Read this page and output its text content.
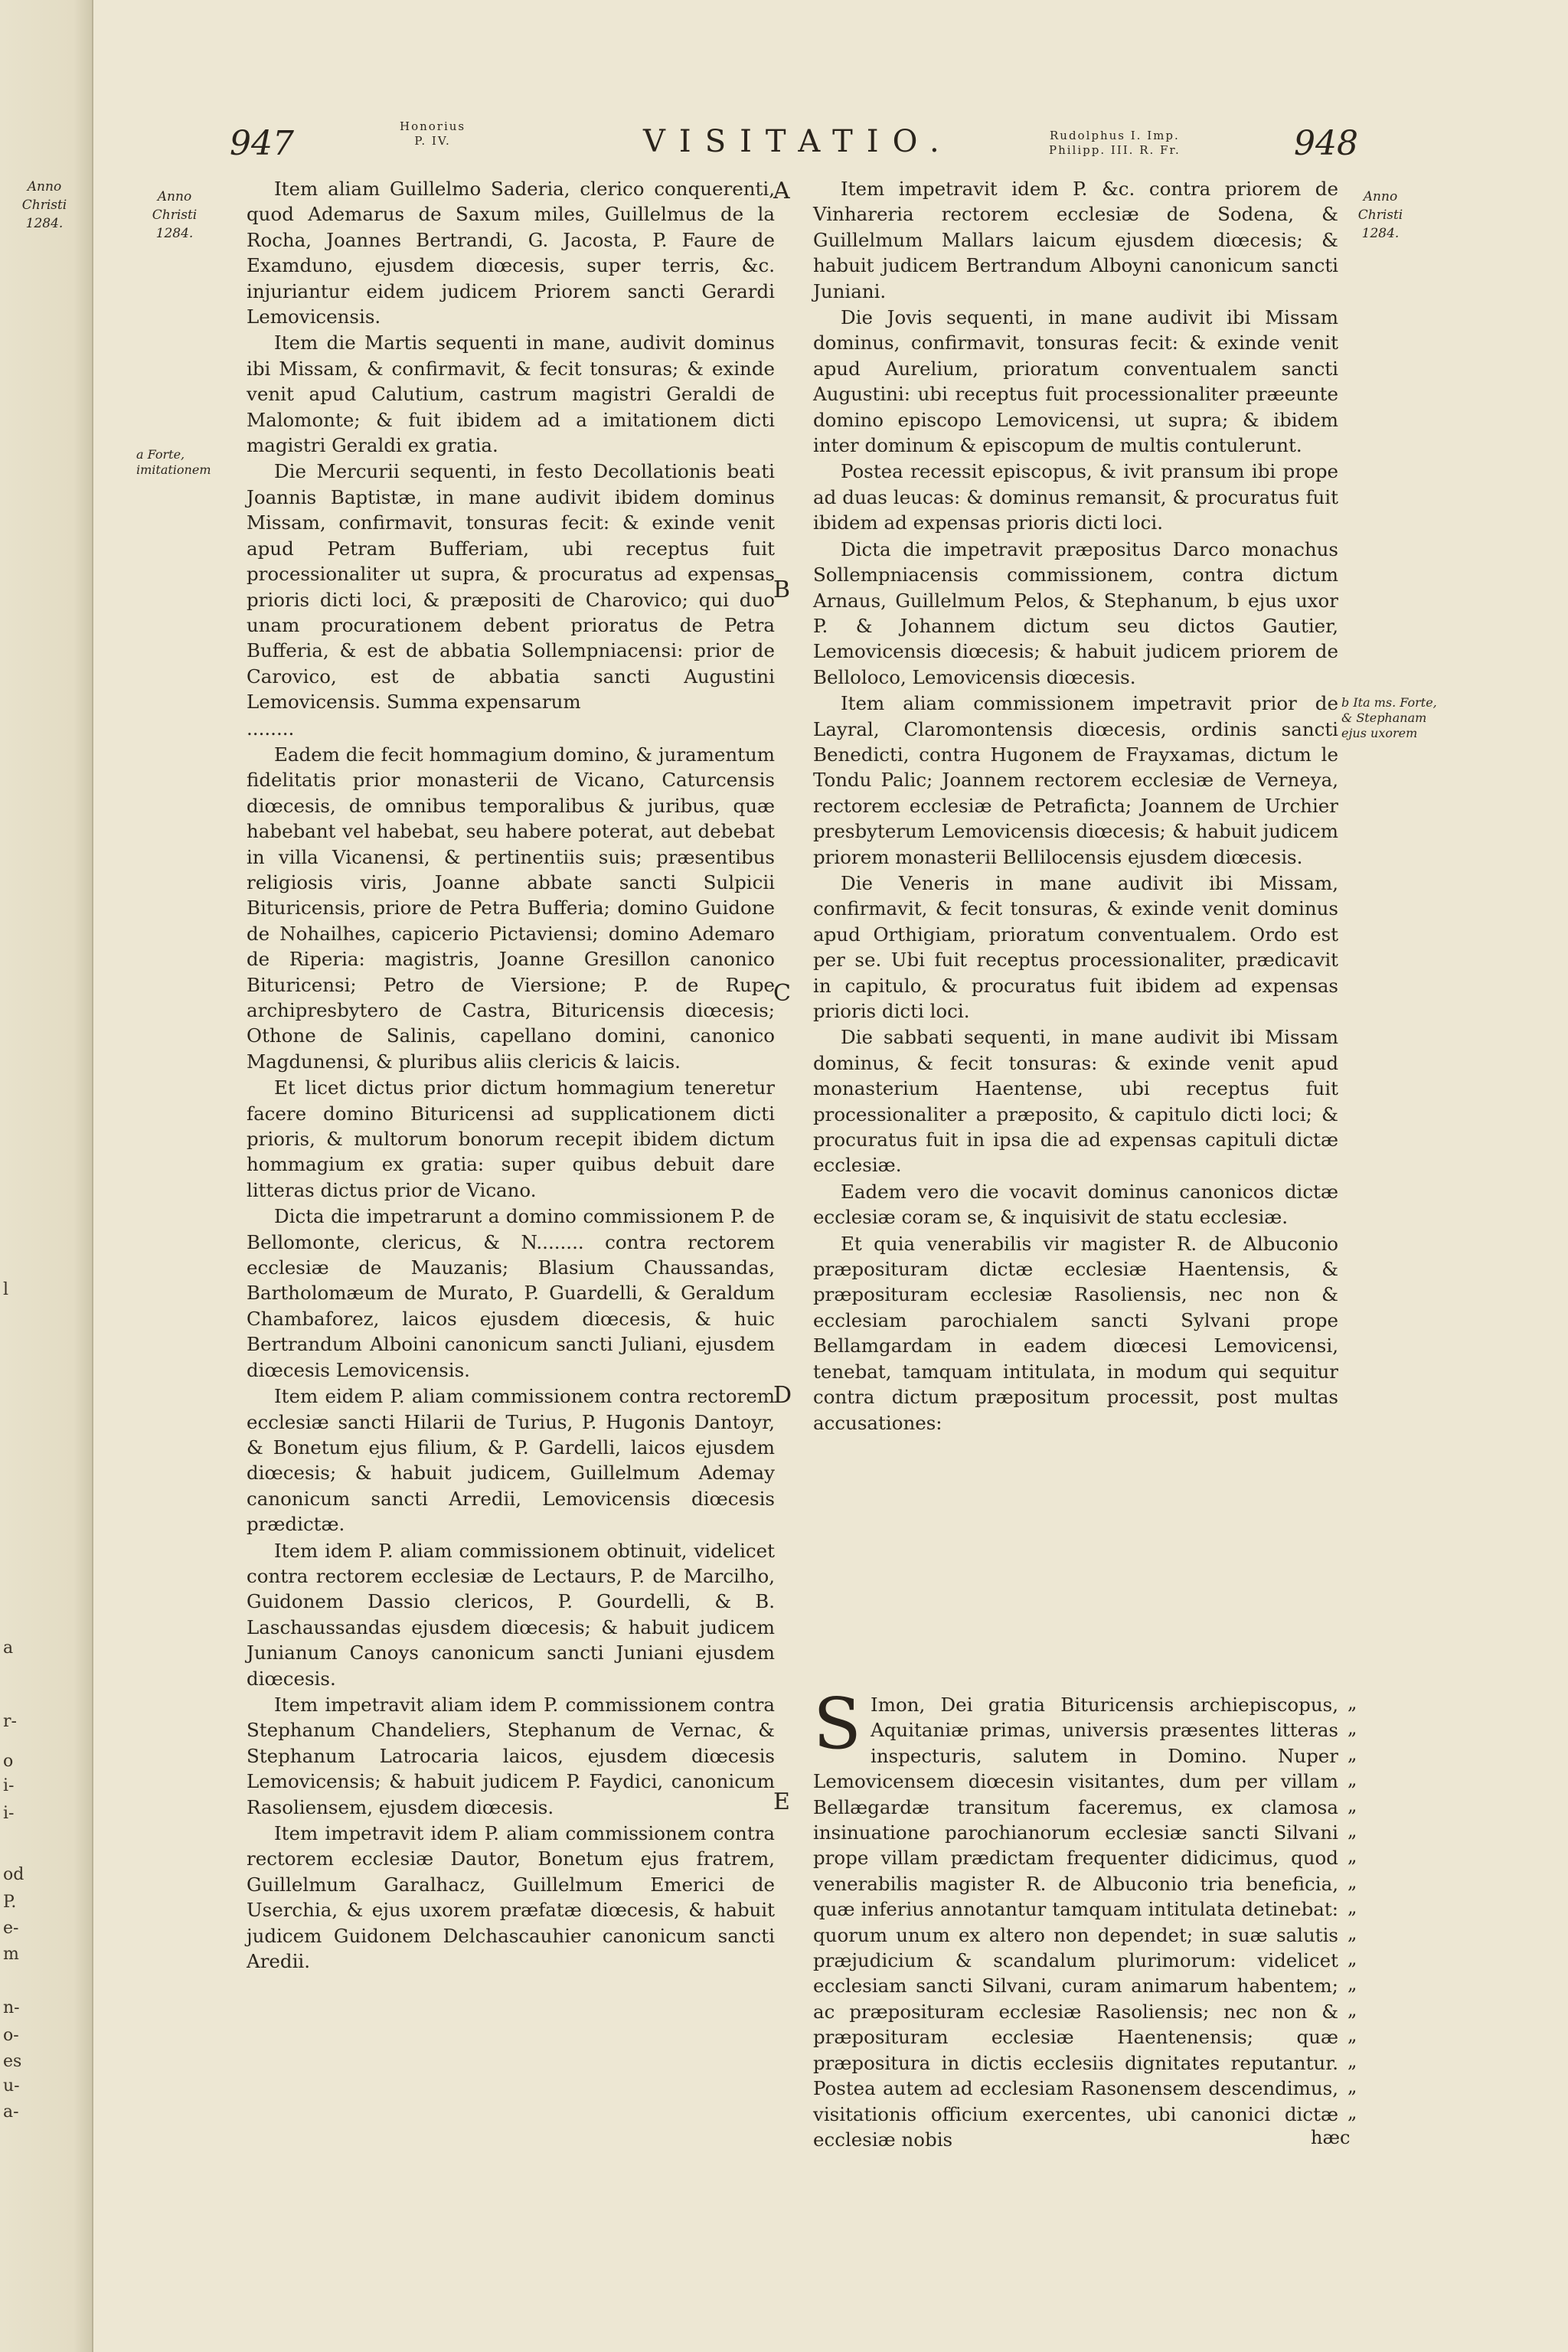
Anno
Christi
1284.
l
a
r-
o
i-
i-
od
P.
e-
m
n-
o-
es
u-
a-
947	Honorius
P. IV.	VISITATIO.	Rudolphus I. Imp.
Philipp. III. R. Fr.	948
Anno
Christi
1284.
Anno
Christi
1284.
a Forte, imitationem
b Ita ms. Forte, & Stephanam ejus uxorem
A
B
C
D
E

Item aliam Guillelmo Saderia, clerico conquerenti, quod Ademarus de Saxum miles, Guillelmus de la Rocha, Joannes Bertrandi, G. Jacosta, P. Faure de Examduno, ejusdem diœcesis, super terris, &c. injuriantur eidem judicem Priorem sancti Gerardi Lemovicensis.

Item die Martis sequenti in mane, audivit dominus ibi Missam, & confirmavit, & fecit tonsuras; & exinde venit apud Calutium, castrum magistri Geraldi de Malomonte; & fuit ibidem ad a imitationem dicti magistri Geraldi ex gratia.

Die Mercurii sequenti, in festo Decollationis beati Joannis Baptistæ, in mane audivit ibidem dominus Missam, confirmavit, tonsuras fecit: & exinde venit apud Petram Bufferiam, ubi receptus fuit processionaliter ut supra, & procuratus ad expensas prioris dicti loci, & præpositi de Charovico; qui duo unam procurationem debent prioratus de Petra Bufferia, & est de abbatia Sollempniacensi: prior de Carovico, est de abbatia sancti Augustini Lemovicensis. Summa expensarum

........

Eadem die fecit hommagium domino, & juramentum fidelitatis prior monasterii de Vicano, Caturcensis diœcesis, de omnibus temporalibus & juribus, quæ habebant vel habebat, seu habere poterat, aut debebat in villa Vicanensi, & pertinentiis suis; præsentibus religiosis viris, Joanne abbate sancti Sulpicii Bituricensis, priore de Petra Bufferia; domino Guidone de Nohailhes, capicerio Pictaviensi; domino Ademaro de Riperia: magistris, Joanne Gresillon canonico Bituricensi; Petro de Viersione; P. de Rupe archipresbytero de Castra, Bituricensis diœcesis; Othone de Salinis, capellano domini, canonico Magdunensi, & pluribus aliis clericis & laicis.

Et licet dictus prior dictum hommagium teneretur facere domino Bituricensi ad supplicationem dicti prioris, & multorum bonorum recepit ibidem dictum hommagium ex gratia: super quibus debuit dare litteras dictus prior de Vicano.

Dicta die impetrarunt a domino commissionem P. de Bellomonte, clericus, & N........ contra rectorem ecclesiæ de Mauzanis; Blasium Chaussandas, Bartholomæum de Murato, P. Guardelli, & Geraldum Chambaforez, laicos ejusdem diœcesis, & huic Bertrandum Alboini canonicum sancti Juliani, ejusdem diœcesis Lemovicensis.

Item eidem P. aliam commissionem contra rectorem ecclesiæ sancti Hilarii de Turius, P. Hugonis Dantoyr, & Bonetum ejus filium, & P. Gardelli, laicos ejusdem diœcesis; & habuit judicem, Guillelmum Ademay canonicum sancti Arredii, Lemovicensis diœcesis prædictæ.

Item idem P. aliam commissionem obtinuit, videlicet contra rectorem ecclesiæ de Lectaurs, P. de Marcilho, Guidonem Dassio clericos, P. Gourdelli, & B. Laschaussandas ejusdem diœcesis; & habuit judicem Junianum Canoys canonicum sancti Juniani ejusdem diœcesis.

Item impetravit aliam idem P. commissionem contra Stephanum Chandeliers, Stephanum de Vernac, & Stephanum Latrocaria laicos, ejusdem diœcesis Lemovicensis; & habuit judicem P. Faydici, canonicum Rasoliensem, ejusdem diœcesis.

Item impetravit idem P. aliam commissionem contra rectorem ecclesiæ Dautor, Bonetum ejus fratrem, Guillelmum Garalhacz, Guillelmum Emerici de Userchia, & ejus uxorem præfatæ diœcesis, & habuit judicem Guidonem Delchascauhier canonicum sancti Aredii.

Item impetravit idem P. &c. contra priorem de Vinhareria rectorem ecclesiæ de Sodena, & Guillelmum Mallars laicum ejusdem diœcesis; & habuit judicem Bertrandum Alboyni canonicum sancti Juniani.

Die Jovis sequenti, in mane audivit ibi Missam dominus, confirmavit, tonsuras fecit: & exinde venit apud Aurelium, prioratum conventualem sancti Augustini: ubi receptus fuit processionaliter præeunte domino episcopo Lemovicensi, ut supra; & ibidem inter dominum & episcopum de multis contulerunt.

Postea recessit episcopus, & ivit pransum ibi prope ad duas leucas: & dominus remansit, & procuratus fuit ibidem ad expensas prioris dicti loci.

Dicta die impetravit præpositus Darco monachus Sollempniacensis commissionem, contra dictum Arnaus, Guillelmum Pelos, & Stephanum, b ejus uxor P. & Johannem dictum seu dictos Gautier, Lemovicensis diœcesis; & habuit judicem priorem de Belloloco, Lemovicensis diœcesis.

Item aliam commissionem impetravit prior de Layral, Claromontensis diœcesis, ordinis sancti Benedicti, contra Hugonem de Frayxamas, dictum le Tondu Palic; Joannem rectorem ecclesiæ de Verneya, rectorem ecclesiæ de Petrafictа; Joannem de Urchier presbyterum Lemovicensis diœcesis; & habuit judicem priorem monasterii Bellilocensis ejusdem diœcesis.

Die Veneris in mane audivit ibi Missam, confirmavit, & fecit tonsuras, & exinde venit dominus apud Orthigiam, prioratum conventualem. Ordo est per se. Ubi fuit receptus processionaliter, prædicavit in capitulo, & procuratus fuit ibidem ad expensas prioris dicti loci.

Die sabbati sequenti, in mane audivit ibi Missam dominus, & fecit tonsuras: & exinde venit apud monasterium Haentense, ubi receptus fuit processionaliter a præposito, & capitulo dicti loci; & procuratus fuit in ipsa die ad expensas capituli dictæ ecclesiæ.

Eadem vero die vocavit dominus canonicos dictæ ecclesiæ coram se, & inquisivit de statu ecclesiæ.

Et quia venerabilis vir magister R. de Albuconio præposituram dictæ ecclesiæ Haentensis, & præposituram ecclesiæ Rasoliensis, nec non & ecclesiam parochialem sancti Sylvani prope Bellamgardam in eadem diœcesi Lemovicensi, tenebat, tamquam intitulata, in modum qui sequitur contra dictum præpositum processit, post multas accusationes:

S Imon, Dei gratia Bituricensis archiepiscopus, Aquitaniæ primas, universis præsentes litteras inspecturis, salutem in Domino. Nuper Lemovicensem diœcesin visitantes, dum per villam Bellægardæ transitum faceremus, ex clamosa insinuatione parochianorum ecclesiæ sancti Silvani prope villam prædictam frequenter didicimus, quod venerabilis magister R. de Albuconio tria beneficia, quæ inferius annotantur tamquam intitulata detinebat: quorum unum ex altero non dependet; in suæ salutis præjudicium & scandalum plurimorum: videlicet ecclesiam sancti Silvani, curam animarum habentem; ac præposituram ecclesiæ Rasoliensis; nec non & præposituram ecclesiæ Haentenensis; quæ præpositura in dictis ecclesiis dignitates reputantur. Postea autem ad ecclesiam Rasonensem descendimus, visitationis officium exercentes, ubi canonici dictæ ecclesiæ nobis
„
„
„
„
„
„
„
„
„
„
„
„
„
„
„
„
„
hæc
